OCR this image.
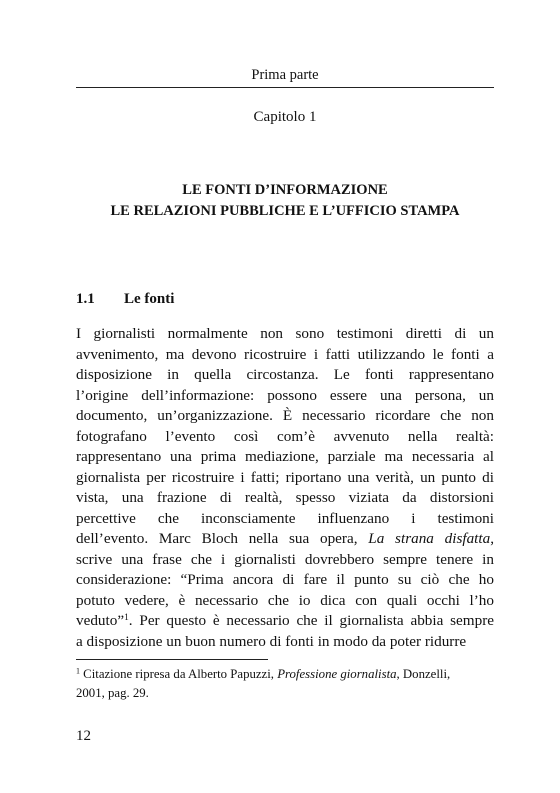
Prima parte
Capitolo 1
LE FONTI D’INFORMAZIONE
LE RELAZIONI PUBBLICHE E L’UFFICIO STAMPA
1.1 Le fonti
I giornalisti normalmente non sono testimoni diretti di un
avvenimento, ma devono ricostruire i fatti utilizzando le fonti a
disposizione in quella circostanza. Le fonti rappresentano
l’origine dell’informazione: possono essere una persona, un
documento, un’organizzazione. È necessario ricordare che non
fotografano l’evento così com’è avvenuto nella realtà:
rappresentano una prima mediazione, parziale ma necessaria al
giornalista per ricostruire i fatti; riportano una verità, un punto di
vista, una frazione di realtà, spesso viziata da distorsioni
percettive che inconsciamente influenzano i testimoni
dell’evento. Marc Bloch nella sua opera, La strana disfatta,
scrive una frase che i giornalisti dovrebbero sempre tenere in
considerazione: “Prima ancora di fare il punto su ciò che ho
potuto vedere, è necessario che io dica con quali occhi l’ho
veduto”$^1$. Per questo è necessario che il giornalista abbia sempre
a disposizione un buon numero di fonti in modo da poter ridurre
$^1$ Citazione ripresa da Alberto Papuzzi, Professione giornalista, Donzelli,
2001, pag. 29.
12
